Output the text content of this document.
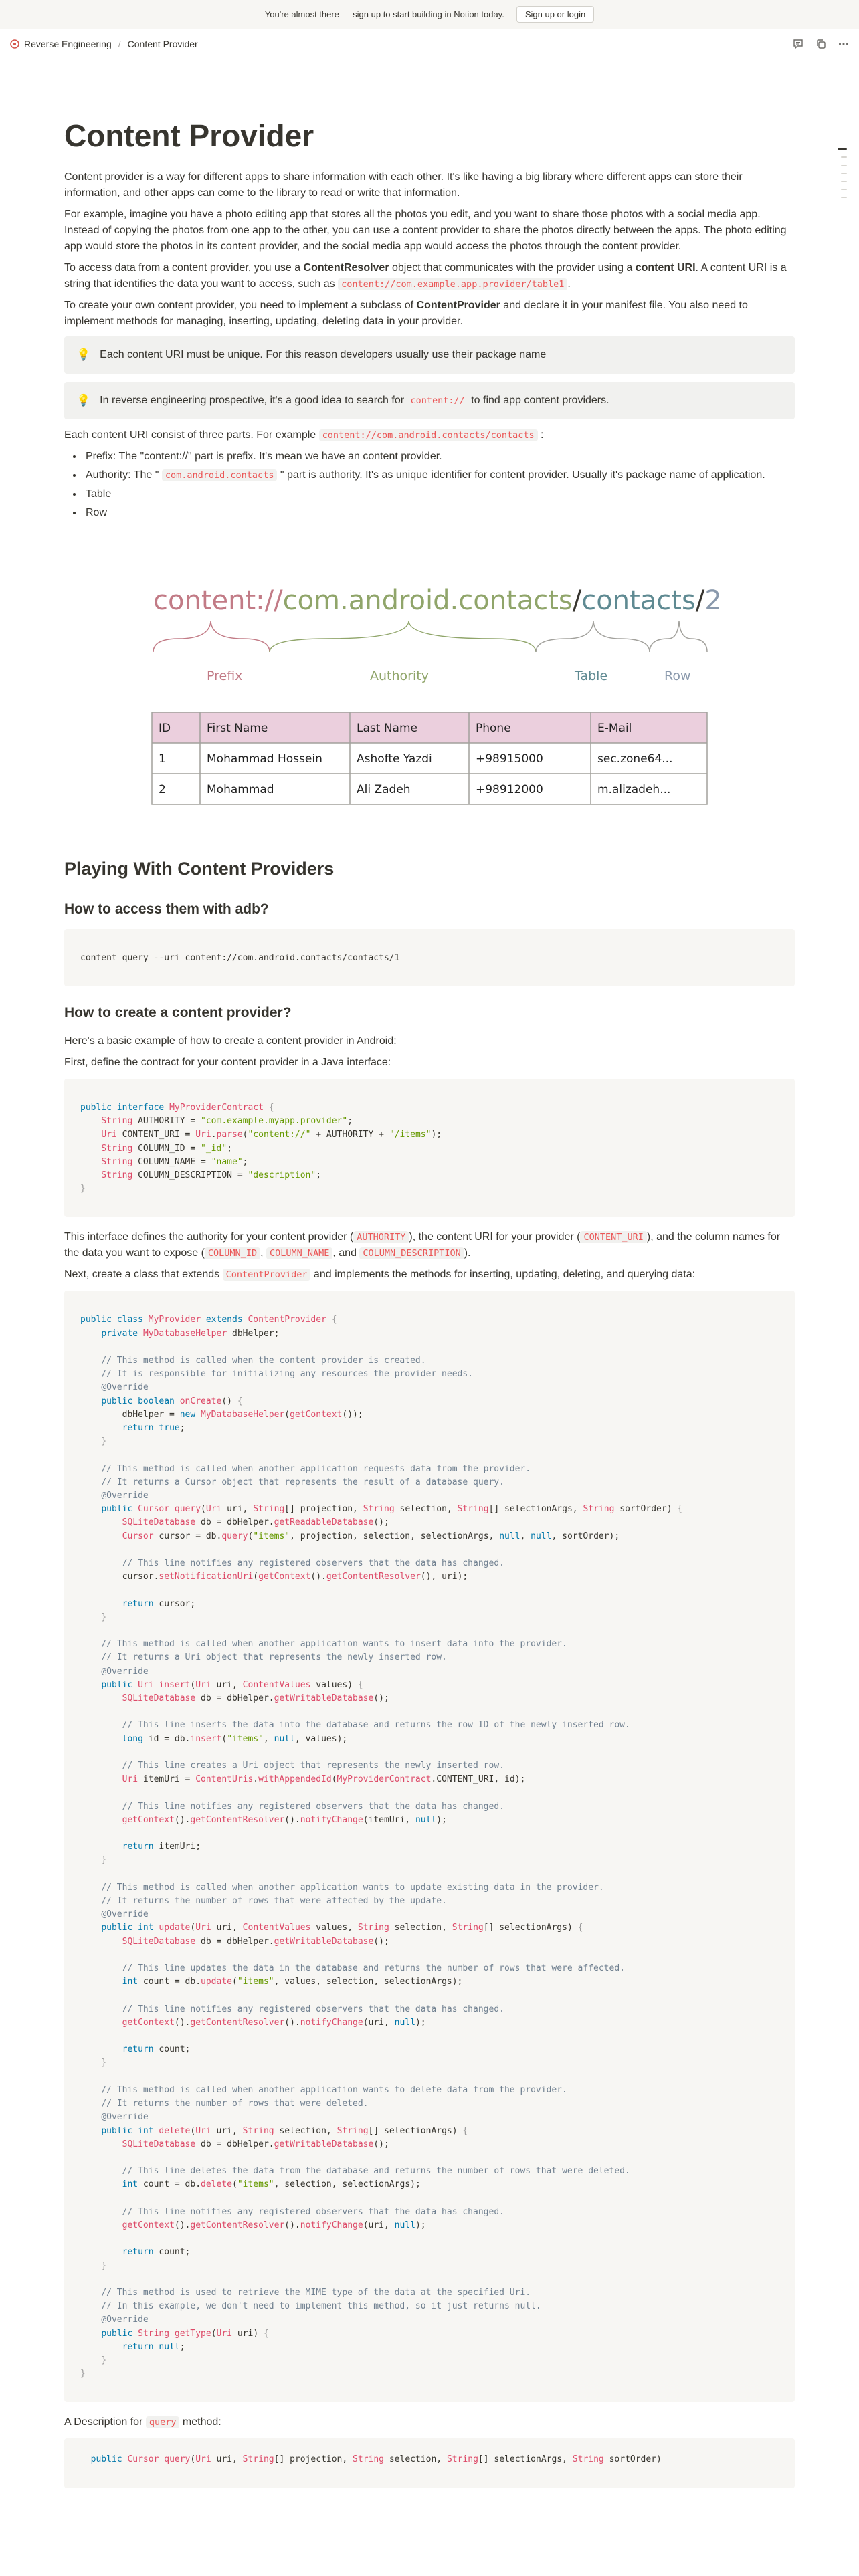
You're almost there — sign up to start building in Notion today.	Sign up or login
Reverse Engineering / Content Provider
Content Provider

Content provider is a way for different apps to share information with each other. It's like having a big library where different apps can store their information, and other apps can come to the library to read or write that information.

For example, imagine you have a photo editing app that stores all the photos you edit, and you want to share those photos with a social media app. Instead of copying the photos from one app to the other, you can use a content provider to share the photos directly between the apps. The photo editing app would store the photos in its content provider, and the social media app would access the photos through the content provider.

To access data from a content provider, you use a ContentResolver object that communicates with the provider using a content URI. A content URI is a string that identifies the data you want to access, such as content://com.example.app.provider/table1 .

To create your own content provider, you need to implement a subclass of ContentProvider and declare it in your manifest file. You also need to implement methods for managing, inserting, updating, deleting data in your provider.

💡 Each content URI must be unique. For this reason developers usually use their package name
💡 In reverse engineering prospective, it's a good idea to search for content:// to find app content providers.

Each content URI consist of three parts. For example content://com.android.contacts/contacts :

• Prefix: The "content://" part is prefix. It's mean we have an content provider.
• Authority: The " com.android.contacts " part is authority. It's as unique identifier for content provider. Usually it's package name of application.
• Table
• Row
content://com.android.contacts/contacts/2
Prefix	Authority	Table	Row
ID	First Name	Last Name	Phone	E-Mail
1	Mohammad Hossein	Ashofte Yazdi	+98915000	sec.zone64...
2	Mohammad	Ali Zadeh	+98912000	m.alizadeh...
Playing With Content Providers
How to access them with adb?
content query --uri content://com.android.contacts/contacts/1
How to create a content provider?

Here's a basic example of how to create a content provider in Android:

First, define the contract for your content provider in a Java interface:

public interface MyProviderContract {
String AUTHORITY = "com.example.myapp.provider";
Uri CONTENT_URI = Uri.parse("content://" + AUTHORITY + "/items");
String COLUMN_ID = "_id";
String COLUMN_NAME = "name";
String COLUMN_DESCRIPTION = "description";
}

This interface defines the authority for your content provider ( AUTHORITY ), the content URI for your provider ( CONTENT_URI ), and the column names for the data you want to expose ( COLUMN_ID , COLUMN_NAME , and COLUMN_DESCRIPTION ).

Next, create a class that extends ContentProvider and implements the methods for inserting, updating, deleting, and querying data:

public class MyProvider extends ContentProvider {
private MyDatabaseHelper dbHelper;

// This method is called when the content provider is created.
// It is responsible for initializing any resources the provider needs.
@Override
public boolean onCreate() {
dbHelper = new MyDatabaseHelper(getContext());
return true;
}

// This method is called when another application requests data from the provider.
// It returns a Cursor object that represents the result of a database query.
@Override
public Cursor query(Uri uri, String[] projection, String selection, String[] selectionArgs, String sortOrder) {
SQLiteDatabase db = dbHelper.getReadableDatabase();
Cursor cursor = db.query("items", projection, selection, selectionArgs, null, null, sortOrder);

// This line notifies any registered observers that the data has changed.
cursor.setNotificationUri(getContext().getContentResolver(), uri);

return cursor;
}

// This method is called when another application wants to insert data into the provider.
// It returns a Uri object that represents the newly inserted row.
@Override
public Uri insert(Uri uri, ContentValues values) {
SQLiteDatabase db = dbHelper.getWritableDatabase();

// This line inserts the data into the database and returns the row ID of the newly inserted row.
long id = db.insert("items", null, values);

// This line creates a Uri object that represents the newly inserted row.
Uri itemUri = ContentUris.withAppendedId(MyProviderContract.CONTENT_URI, id);

// This line notifies any registered observers that the data has changed.
getContext().getContentResolver().notifyChange(itemUri, null);

return itemUri;
}

// This method is called when another application wants to update existing data in the provider.
// It returns the number of rows that were affected by the update.
@Override
public int update(Uri uri, ContentValues values, String selection, String[] selectionArgs) {
SQLiteDatabase db = dbHelper.getWritableDatabase();

// This line updates the data in the database and returns the number of rows that were affected.
int count = db.update("items", values, selection, selectionArgs);

// This line notifies any registered observers that the data has changed.
getContext().getContentResolver().notifyChange(uri, null);

return count;
}

// This method is called when another application wants to delete data from the provider.
// It returns the number of rows that were deleted.
@Override
public int delete(Uri uri, String selection, String[] selectionArgs) {
SQLiteDatabase db = dbHelper.getWritableDatabase();

// This line deletes the data from the database and returns the number of rows that were deleted.
int count = db.delete("items", selection, selectionArgs);

// This line notifies any registered observers that the data has changed.
getContext().getContentResolver().notifyChange(uri, null);

return count;
}

// This method is used to retrieve the MIME type of the data at the specified Uri.
// In this example, we don't need to implement this method, so it just returns null.
@Override
public String getType(Uri uri) {
return null;
}
}

A Description for query method:

public Cursor query(Uri uri, String[] projection, String selection, String[] selectionArgs, String sortOrder)
